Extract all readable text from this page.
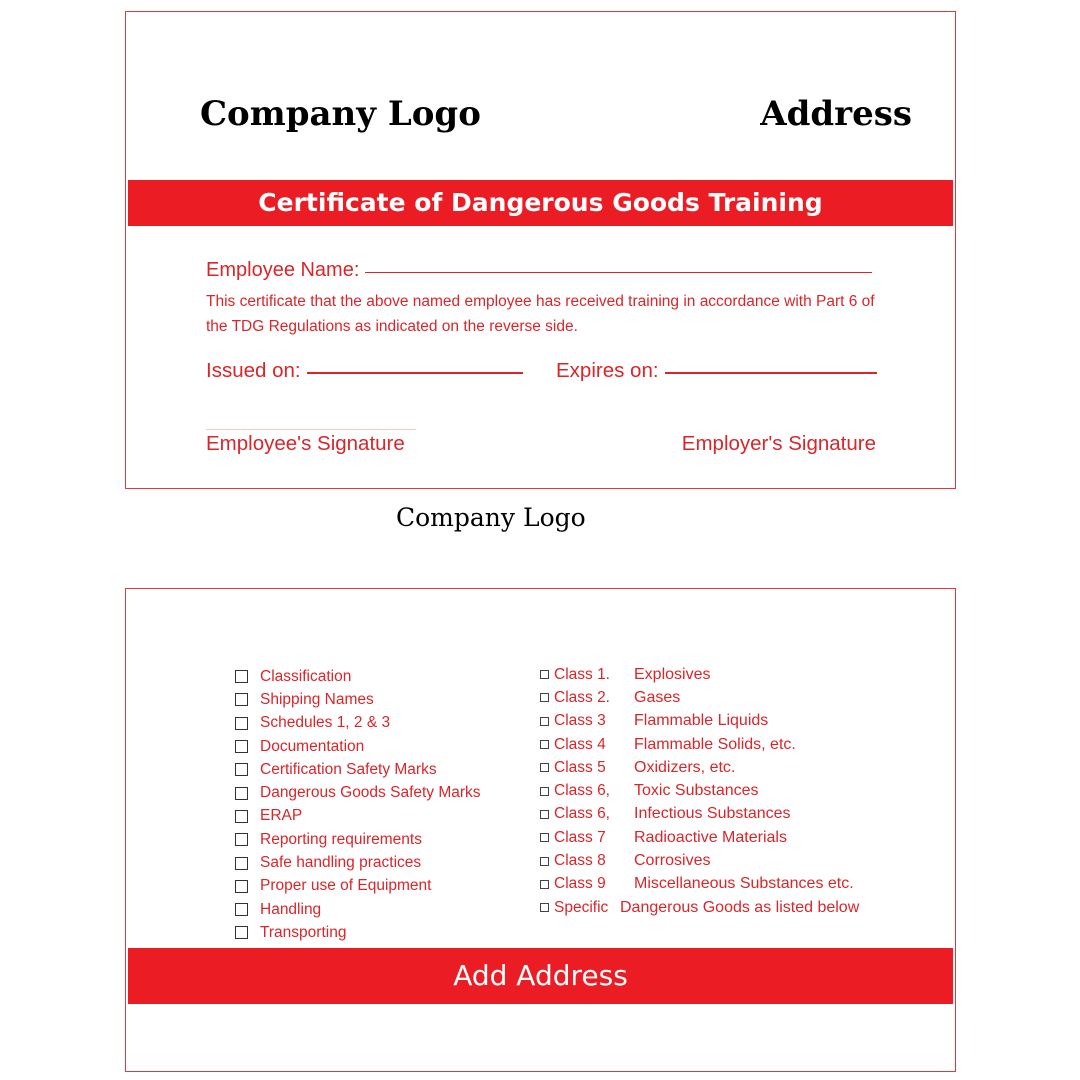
Company Logo	Address
Certificate of Dangerous Goods Training
Employee Name:
This certificate that the above named employee has received training in accordance with Part 6 of the TDG Regulations as indicated on the reverse side.
Issued on:	Expires on:
Employee's Signature	Employer's Signature
Company Logo
Classification
Shipping Names
Schedules 1, 2 & 3
Documentation
Certification Safety Marks
Dangerous Goods Safety Marks
ERAP
Reporting requirements
Safe handling practices
Proper use of Equipment
Handling
Transporting
Class 1.	Explosives
Class 2.	Gases
Class 3	Flammable Liquids
Class 4	Flammable Solids, etc.
Class 5	Oxidizers, etc.
Class 6,	Toxic Substances
Class 6,	Infectious Substances
Class 7	Radioactive Materials
Class 8	Corrosives
Class 9	Miscellaneous Substances etc.
Specific Dangerous Goods as listed below
Add Address
